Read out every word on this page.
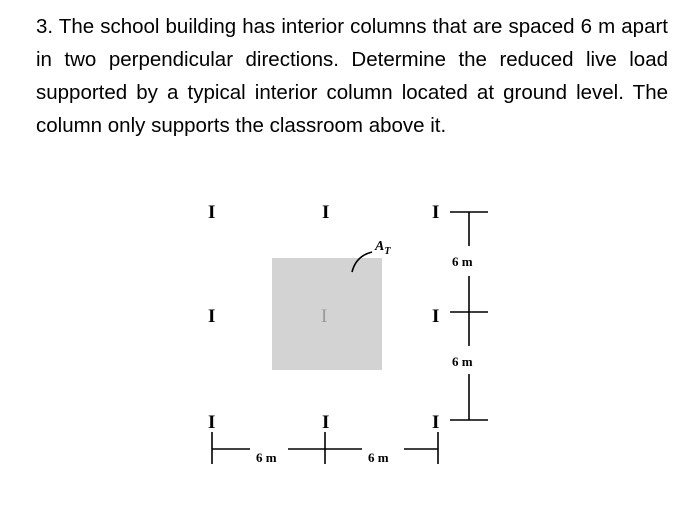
3. The school building has interior columns that are spaced 6 m apart in two perpendicular directions. Determine the reduced live load supported by a typical interior column located at ground level. The column only supports the classroom above it.

$A_T$
I	I	I
I	I	I
I	I	I
6 m
6 m
6 m	6 m
